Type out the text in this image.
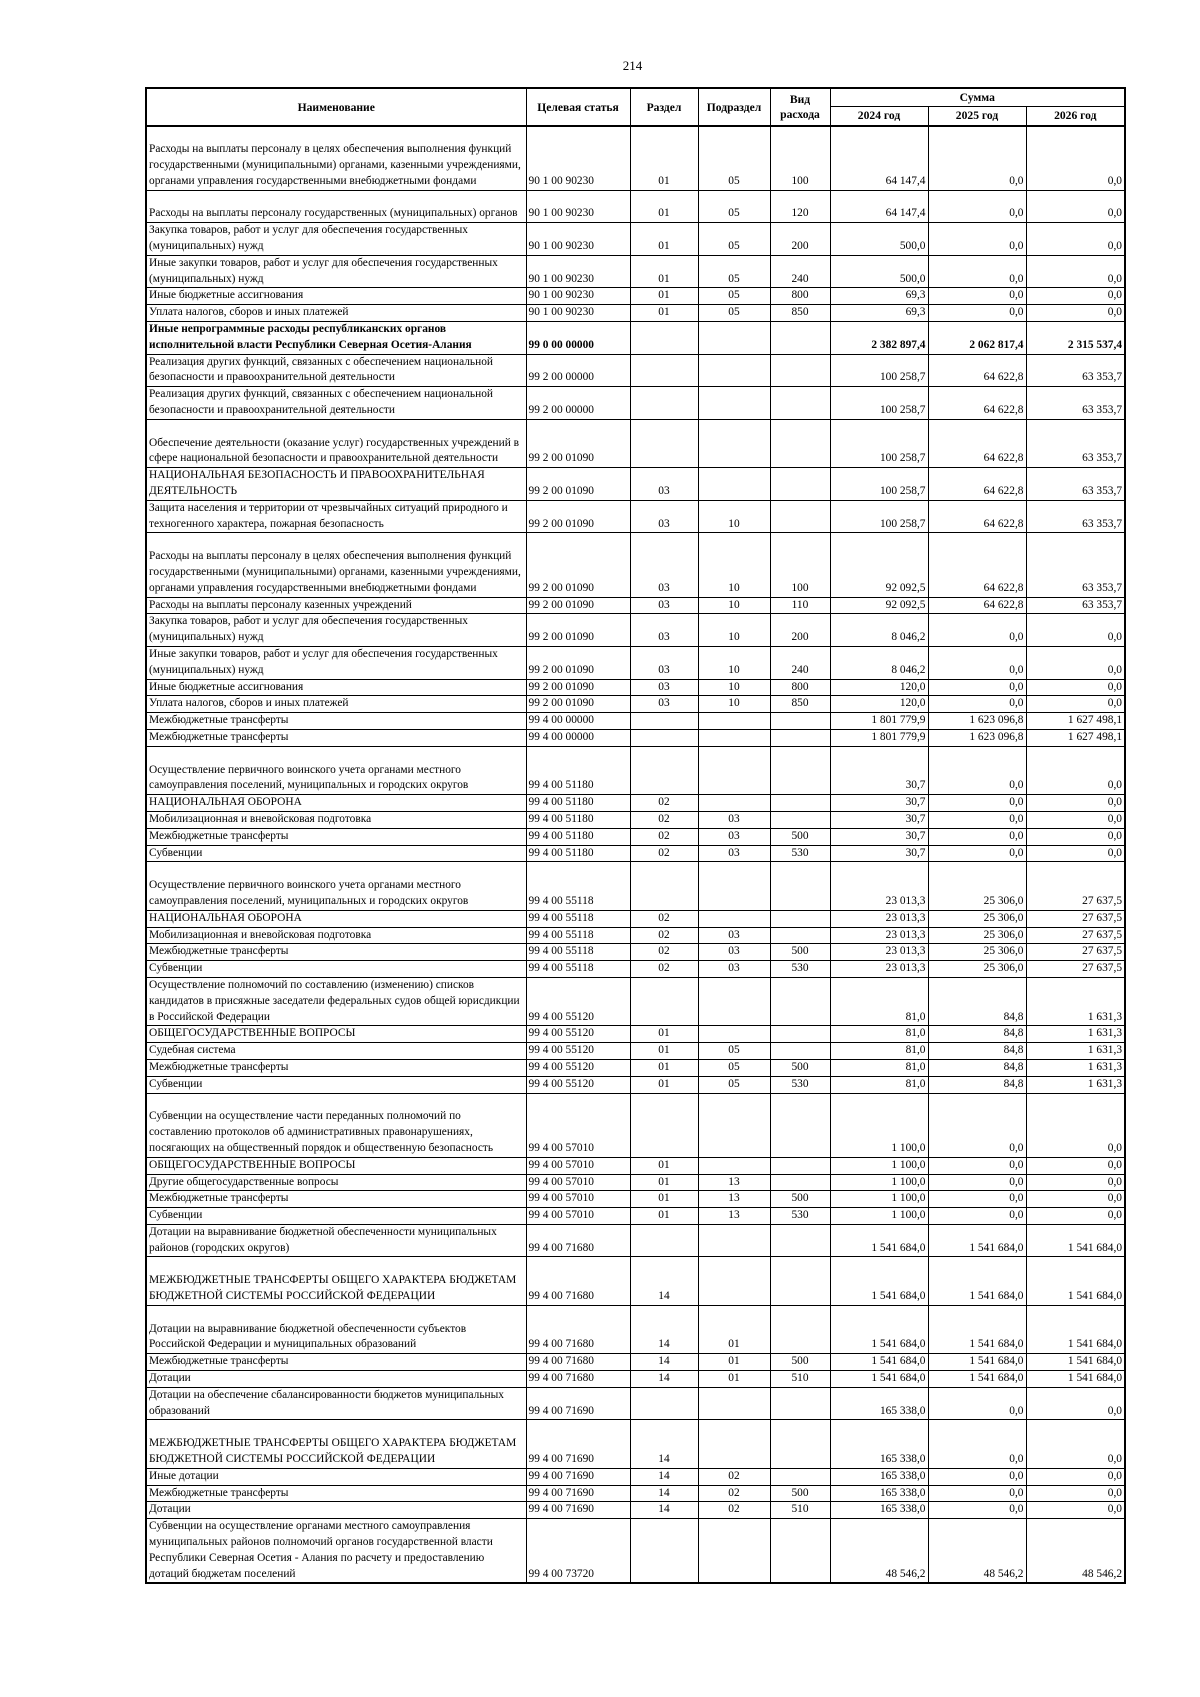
214
Наименование	Целевая статья	Раздел	Подраздел	Вид расхода	Сумма		
					2024 год	2025 год	2026 год
Расходы на выплаты персоналу в целях обеспечения выполнения функций государственными (муниципальными) органами, казенными учреждениями, органами управления государственными внебюджетными фондами	90 1 00 90230	01	05	100	64 147,4	0,0	0,0
Расходы на выплаты персоналу государственных (муниципальных) органов	90 1 00 90230	01	05	120	64 147,4	0,0	0,0
Закупка товаров, работ и услуг для обеспечения государственных (муниципальных) нужд	90 1 00 90230	01	05	200	500,0	0,0	0,0
Иные закупки товаров, работ и услуг для обеспечения государственных (муниципальных) нужд	90 1 00 90230	01	05	240	500,0	0,0	0,0
Иные бюджетные ассигнования	90 1 00 90230	01	05	800	69,3	0,0	0,0
Уплата налогов, сборов и иных платежей	90 1 00 90230	01	05	850	69,3	0,0	0,0
Иные непрограммные расходы республиканских органов исполнительной власти Республики Северная Осетия-Алания	99 0 00 00000				2 382 897,4	2 062 817,4	2 315 537,4
Реализация других функций, связанных с обеспечением национальной безопасности и правоохранительной деятельности	99 2 00 00000				100 258,7	64 622,8	63 353,7
Реализация других функций, связанных с обеспечением национальной безопасности и правоохранительной деятельности	99 2 00 00000				100 258,7	64 622,8	63 353,7
Обеспечение деятельности (оказание услуг) государственных учреждений в сфере национальной безопасности и правоохранительной деятельности	99 2 00 01090				100 258,7	64 622,8	63 353,7
НАЦИОНАЛЬНАЯ БЕЗОПАСНОСТЬ И ПРАВООХРАНИТЕЛЬНАЯ ДЕЯТЕЛЬНОСТЬ	99 2 00 01090	03			100 258,7	64 622,8	63 353,7
Защита населения и территории от чрезвычайных ситуаций природного и техногенного характера, пожарная безопасность	99 2 00 01090	03	10		100 258,7	64 622,8	63 353,7
Расходы на выплаты персоналу в целях обеспечения выполнения функций государственными (муниципальными) органами, казенными учреждениями, органами управления государственными внебюджетными фондами	99 2 00 01090	03	10	100	92 092,5	64 622,8	63 353,7
Расходы на выплаты персоналу казенных учреждений	99 2 00 01090	03	10	110	92 092,5	64 622,8	63 353,7
Закупка товаров, работ и услуг для обеспечения государственных (муниципальных) нужд	99 2 00 01090	03	10	200	8 046,2	0,0	0,0
Иные закупки товаров, работ и услуг для обеспечения государственных (муниципальных) нужд	99 2 00 01090	03	10	240	8 046,2	0,0	0,0
Иные бюджетные ассигнования	99 2 00 01090	03	10	800	120,0	0,0	0,0
Уплата налогов, сборов и иных платежей	99 2 00 01090	03	10	850	120,0	0,0	0,0
Межбюджетные трансферты	99 4 00 00000				1 801 779,9	1 623 096,8	1 627 498,1
Межбюджетные трансферты	99 4 00 00000				1 801 779,9	1 623 096,8	1 627 498,1
Осуществление первичного воинского учета органами местного самоуправления поселений, муниципальных и городских округов	99 4 00 51180				30,7	0,0	0,0
НАЦИОНАЛЬНАЯ ОБОРОНА	99 4 00 51180	02			30,7	0,0	0,0
Мобилизационная и вневойсковая подготовка	99 4 00 51180	02	03		30,7	0,0	0,0
Межбюджетные трансферты	99 4 00 51180	02	03	500	30,7	0,0	0,0
Субвенции	99 4 00 51180	02	03	530	30,7	0,0	0,0
Осуществление первичного воинского учета органами местного самоуправления поселений, муниципальных и городских округов	99 4 00 55118				23 013,3	25 306,0	27 637,5
НАЦИОНАЛЬНАЯ ОБОРОНА	99 4 00 55118	02			23 013,3	25 306,0	27 637,5
Мобилизационная и вневойсковая подготовка	99 4 00 55118	02	03		23 013,3	25 306,0	27 637,5
Межбюджетные трансферты	99 4 00 55118	02	03	500	23 013,3	25 306,0	27 637,5
Субвенции	99 4 00 55118	02	03	530	23 013,3	25 306,0	27 637,5
Осуществление полномочий по составлению (изменению) списков кандидатов в присяжные заседатели федеральных судов общей юрисдикции в Российской Федерации	99 4 00 55120				81,0	84,8	1 631,3
ОБЩЕГОСУДАРСТВЕННЫЕ ВОПРОСЫ	99 4 00 55120	01			81,0	84,8	1 631,3
Судебная система	99 4 00 55120	01	05		81,0	84,8	1 631,3
Межбюджетные трансферты	99 4 00 55120	01	05	500	81,0	84,8	1 631,3
Субвенции	99 4 00 55120	01	05	530	81,0	84,8	1 631,3
Субвенции на осуществление части переданных полномочий по составлению протоколов об административных правонарушениях, посягающих на общественный порядок и общественную безопасность	99 4 00 57010				1 100,0	0,0	0,0
ОБЩЕГОСУДАРСТВЕННЫЕ ВОПРОСЫ	99 4 00 57010	01			1 100,0	0,0	0,0
Другие общегосударственные вопросы	99 4 00 57010	01	13		1 100,0	0,0	0,0
Межбюджетные трансферты	99 4 00 57010	01	13	500	1 100,0	0,0	0,0
Субвенции	99 4 00 57010	01	13	530	1 100,0	0,0	0,0
Дотации на выравнивание бюджетной обеспеченности муниципальных районов (городских округов)	99 4 00 71680				1 541 684,0	1 541 684,0	1 541 684,0
МЕЖБЮДЖЕТНЫЕ ТРАНСФЕРТЫ ОБЩЕГО ХАРАКТЕРА БЮДЖЕТАМ БЮДЖЕТНОЙ СИСТЕМЫ РОССИЙСКОЙ ФЕДЕРАЦИИ	99 4 00 71680	14			1 541 684,0	1 541 684,0	1 541 684,0
Дотации на выравнивание бюджетной обеспеченности субъектов Российской Федерации и муниципальных образований	99 4 00 71680	14	01		1 541 684,0	1 541 684,0	1 541 684,0
Межбюджетные трансферты	99 4 00 71680	14	01	500	1 541 684,0	1 541 684,0	1 541 684,0
Дотации	99 4 00 71680	14	01	510	1 541 684,0	1 541 684,0	1 541 684,0
Дотации на обеспечение сбалансированности бюджетов муниципальных образований	99 4 00 71690				165 338,0	0,0	0,0
МЕЖБЮДЖЕТНЫЕ ТРАНСФЕРТЫ ОБЩЕГО ХАРАКТЕРА БЮДЖЕТАМ БЮДЖЕТНОЙ СИСТЕМЫ РОССИЙСКОЙ ФЕДЕРАЦИИ	99 4 00 71690	14			165 338,0	0,0	0,0
Иные дотации	99 4 00 71690	14	02		165 338,0	0,0	0,0
Межбюджетные трансферты	99 4 00 71690	14	02	500	165 338,0	0,0	0,0
Дотации	99 4 00 71690	14	02	510	165 338,0	0,0	0,0
Субвенции на осуществление органами местного самоуправления муниципальных районов полномочий органов государственной власти Республики Северная Осетия - Алания по расчету и предоставлению дотаций бюджетам поселений	99 4 00 73720				48 546,2	48 546,2	48 546,2
